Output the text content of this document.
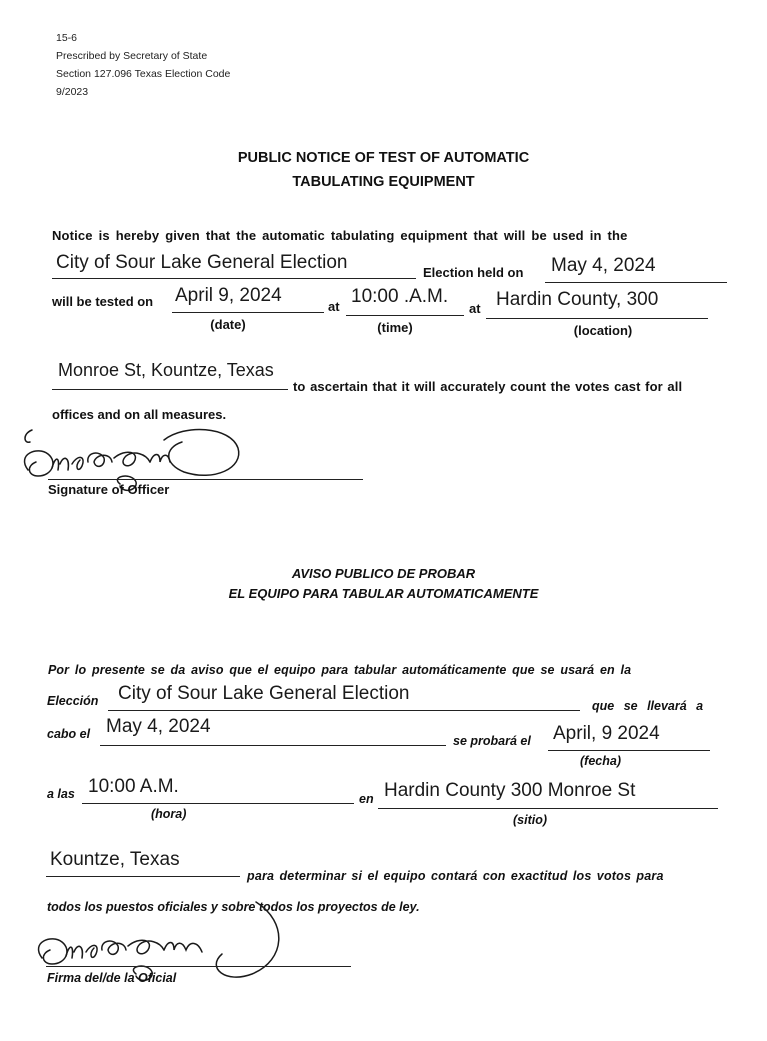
15-6
Prescribed by Secretary of State
Section 127.096 Texas Election Code
9/2023
PUBLIC NOTICE OF TEST OF AUTOMATIC
TABULATING EQUIPMENT
Notice is hereby given that the automatic tabulating equipment that will be used in the
City of Sour Lake General Election	Election held on May 4, 2024
will be tested on April 9, 2024
at 10:00 .A.M.
at Hardin County, 300
(date)	(time)	(location)
Monroe St, Kountze, Texas
to ascertain that it will accurately count the votes cast for all
offices and on all measures.
Signature of Officer
AVISO PUBLICO DE PROBAR
EL EQUIPO PARA TABULAR AUTOMATICAMENTE
Por lo presente se da aviso que el equipo para tabular automáticamente que se usará en la
Elección City of Sour Lake General Election
que se llevará a
cabo el May 4, 2024
se probará el April, 9 2024
(fecha)
a las 10:00 A.M.
en Hardin County 300 Monroe St
(hora)	(sitio)
Kountze, Texas
para determinar si el equipo contará con exactitud los votos para
todos los puestos oficiales y sobre todos los proyectos de ley.
Firma del/de la Oficial
